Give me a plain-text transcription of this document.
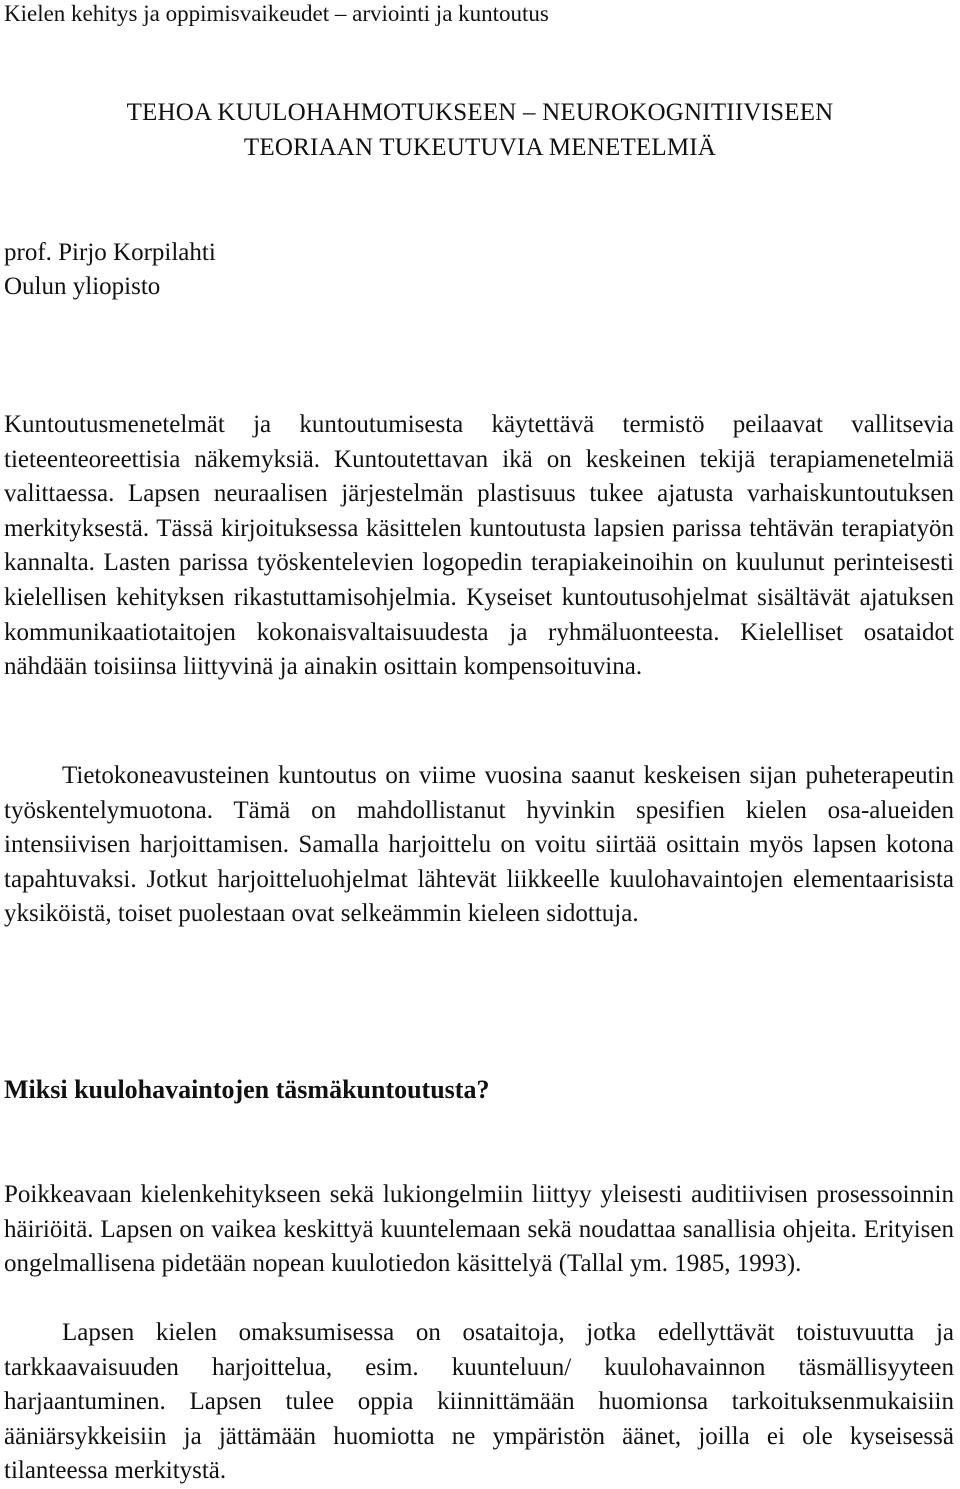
Kielen kehitys ja oppimisvaikeudet – arviointi ja kuntoutus
TEHOA KUULOHAHMOTUKSEEN – NEUROKOGNITIIVISEEN
TEORIAAN TUKEUTUVIA MENETELMIÄ
prof. Pirjo Korpilahti
Oulun yliopisto

Kuntoutusmenetelmät ja kuntoutumisesta käytettävä termistö peilaavat vallitsevia tieteenteoreettisia näkemyksiä. Kuntoutettavan ikä on keskeinen tekijä terapiamenetelmiä valittaessa. Lapsen neuraalisen järjestelmän plastisuus tukee ajatusta varhaiskuntoutuksen merkityksestä. Tässä kirjoituksessa käsittelen kuntoutusta lapsien parissa tehtävän terapiatyön kannalta. Lasten parissa työskentelevien logopedin terapiakeinoihin on kuulunut perinteisesti kielellisen kehityksen rikastuttamisohjelmia. Kyseiset kuntoutusohjelmat sisältävät ajatuksen kommunikaatiotaitojen kokonaisvaltaisuudesta ja ryhmäluonteesta. Kielelliset osataidot nähdään toisiinsa liittyvinä ja ainakin osittain kompensoituvina.

Tietokoneavusteinen kuntoutus on viime vuosina saanut keskeisen sijan puheterapeutin työskentelymuotona. Tämä on mahdollistanut hyvinkin spesifien kielen osa-alueiden intensiivisen harjoittamisen. Samalla harjoittelu on voitu siirtää osittain myös lapsen kotona tapahtuvaksi. Jotkut harjoitteluohjelmat lähtevät liikkeelle kuulohavaintojen elementaarisista yksiköistä, toiset puolestaan ovat selkeämmin kieleen sidottuja.

Miksi kuulohavaintojen täsmäkuntoutusta?

Poikkeavaan kielenkehitykseen sekä lukiongelmiin liittyy yleisesti auditiivisen prosessoinnin häiriöitä. Lapsen on vaikea keskittyä kuuntelemaan sekä noudattaa sanallisia ohjeita. Erityisen ongelmallisena pidetään nopean kuulotiedon käsittelyä (Tallal ym. 1985, 1993).

Lapsen kielen omaksumisessa on osataitoja, jotka edellyttävät toistuvuutta ja tarkkaavaisuuden harjoittelua, esim. kuunteluun/ kuulohavainnon täsmällisyyteen harjaantuminen. Lapsen tulee oppia kiinnittämään huomionsa tarkoituksenmukaisiin ääniärsykkeisiin ja jättämään huomiotta ne ympäristön äänet, joilla ei ole kyseisessä tilanteessa merkitystä.
